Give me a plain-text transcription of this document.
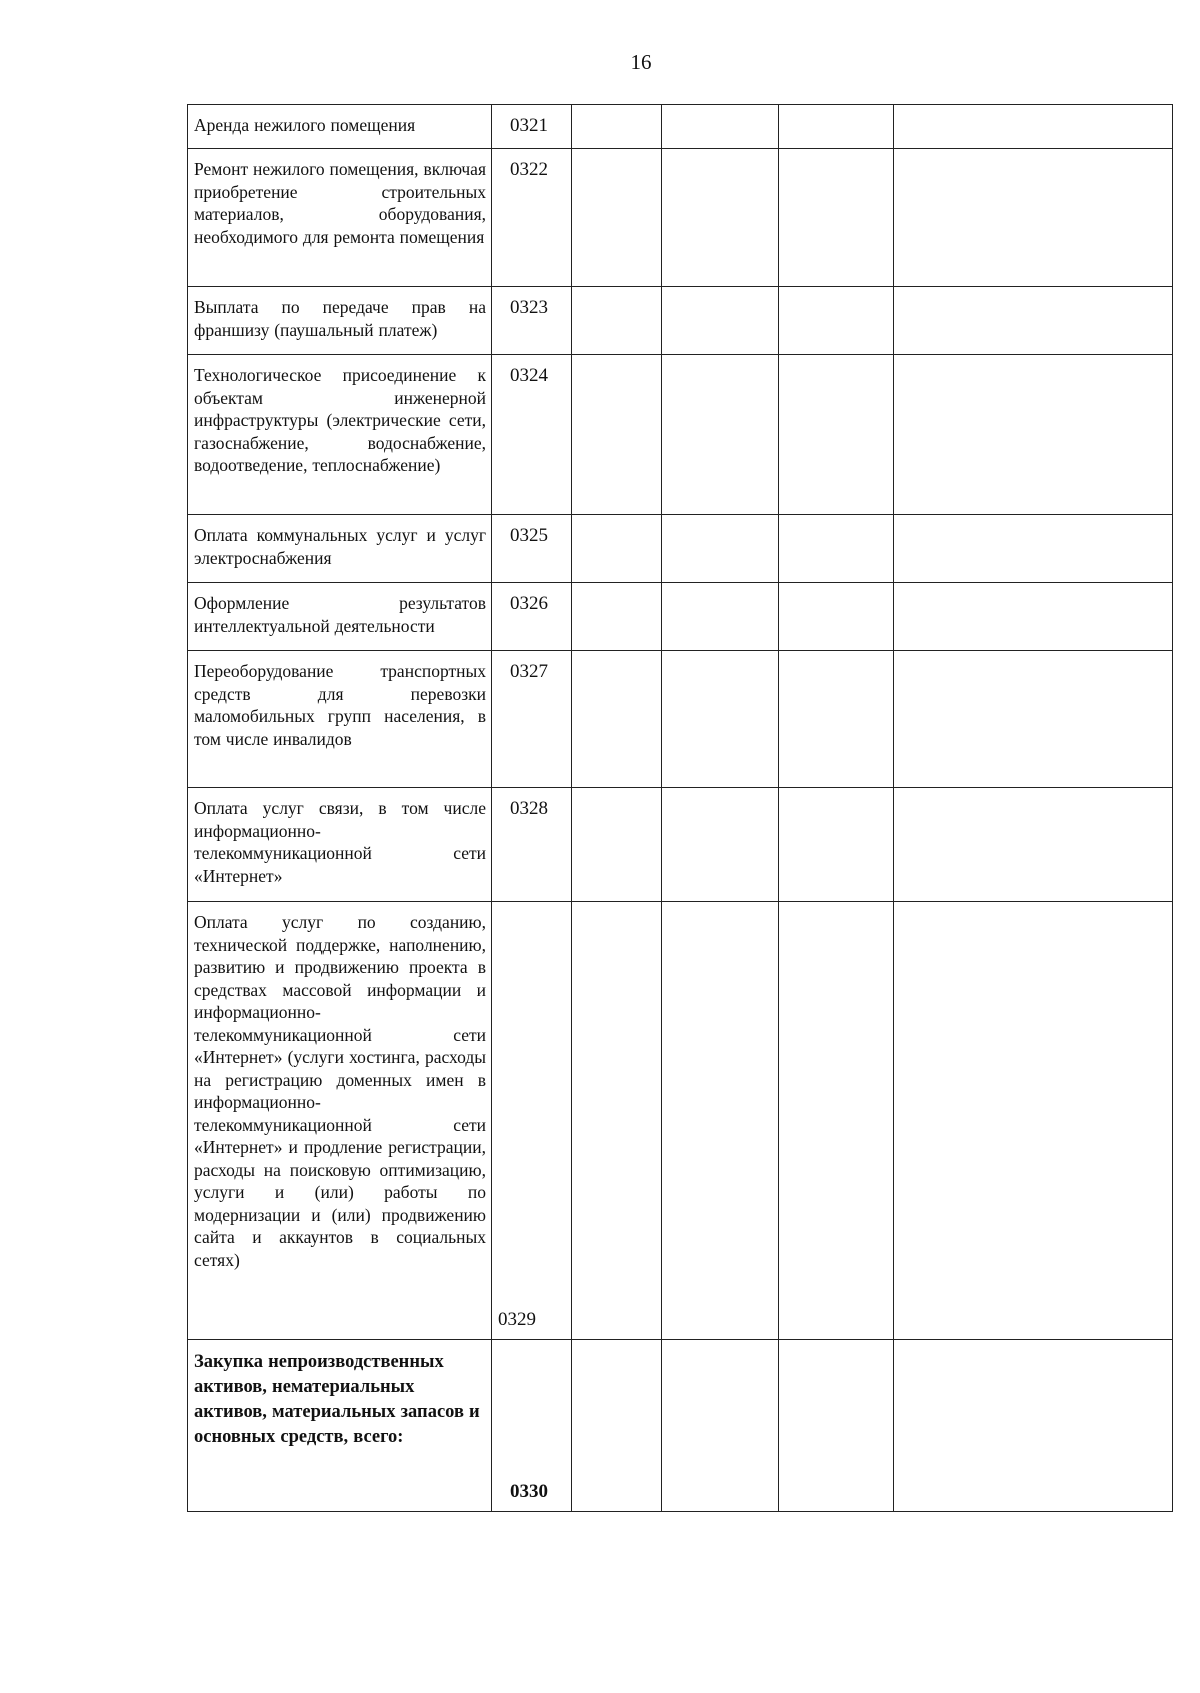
16
Аренда нежилого помещения	0321				

Ремонт нежилого помещения, включая приобретение строительных материалов, оборудования, необходимого для ремонта помещения	0322				

Выплата по передаче прав на франшизу (паушальный платеж)	0323				

Технологическое присоединение к объектам инженерной инфраструктуры (электрические сети, газоснабжение, водоснабжение, водоотведение, теплоснабжение)	0324				

Оплата коммунальных услуг и услуг электроснабжения	0325				

Оформление результатов интеллектуальной деятельности	0326				

Переоборудование транспортных средств для перевозки маломобильных групп населения, в том числе инвалидов	0327				

Оплата услуг связи, в том числе информационно-телекоммуникационной сети «Интернет»	0328				

Оплата услуг по созданию, технической поддержке, наполнению, развитию и продвижению проекта в средствах массовой информации и информационно-телекоммуникационной сети «Интернет» (услуги хостинга, расходы на регистрацию доменных имен в информационно-телекоммуникационной сети «Интернет» и продление регистрации, расходы на поисковую оптимизацию, услуги и (или) работы по модернизации и (или) продвижению сайта и аккаунтов в социальных сетях)	0329				

Закупка непроизводственных активов, нематериальных активов, материальных запасов и основных средств, всего:	0330				
